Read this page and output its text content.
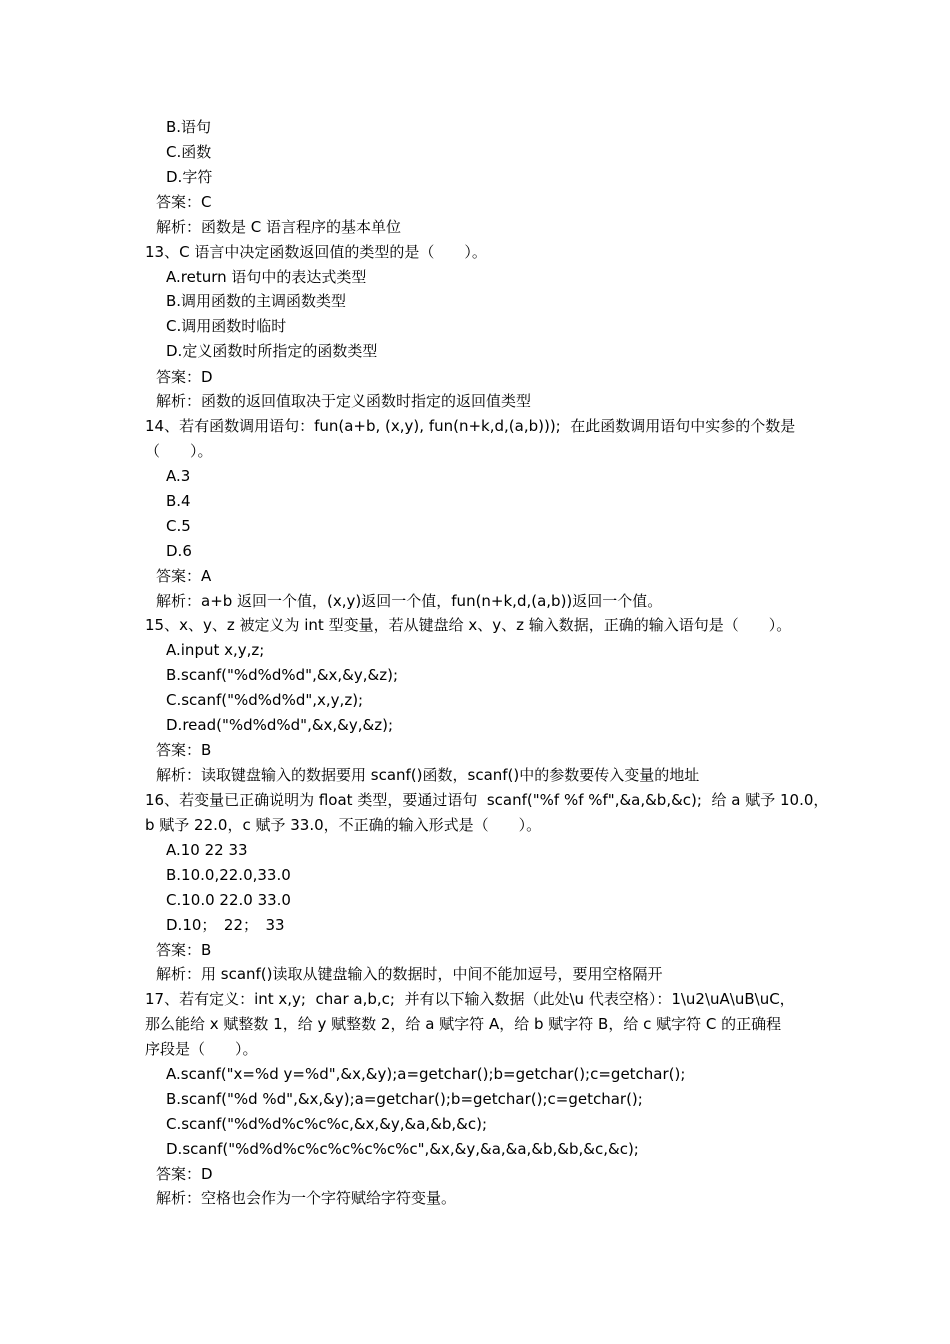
B.语句
C.函数
D.字符
答案：C
解析：函数是 C 语言程序的基本单位
13、C 语言中决定函数返回值的类型的是（　　）。
A.return 语句中的表达式类型
B.调用函数的主调函数类型
C.调用函数时临时
D.定义函数时所指定的函数类型
答案：D
解析：函数的返回值取决于定义函数时指定的返回值类型
14、若有函数调用语句：fun(a+b, (x,y), fun(n+k,d,(a,b)));  在此函数调用语句中实参的个数是
（　　）。
A.3
B.4
C.5
D.6
答案：A
解析：a+b 返回一个值，(x,y)返回一个值，fun(n+k,d,(a,b))返回一个值。
15、x、y、z 被定义为 int 型变量，若从键盘给 x、y、z 输入数据，正确的输入语句是（　　）。
A.input x,y,z;
B.scanf("%d%d%d",&x,&y,&z);
C.scanf("%d%d%d",x,y,z);
D.read("%d%d%d",&x,&y,&z);
答案：B
解析：读取键盘输入的数据要用 scanf()函数，scanf()中的参数要传入变量的地址
16、若变量已正确说明为 float 类型，要通过语句  scanf("%f %f %f",&a,&b,&c);  给 a 赋予 10.0，
b 赋予 22.0，c 赋予 33.0，不正确的输入形式是（　　）。
A.10 22 33
B.10.0,22.0,33.0
C.10.0 22.0 33.0
D.10；　22；　33
答案：B
解析：用 scanf()读取从键盘输入的数据时，中间不能加逗号，要用空格隔开
17、若有定义：int x,y;  char a,b,c;  并有以下输入数据（此处\u 代表空格）：1\u2\uA\uB\uC，
那么能给 x 赋整数 1，给 y 赋整数 2，给 a 赋字符 A，给 b 赋字符 B，给 c 赋字符 C 的正确程
序段是（　　）。
A.scanf("x=%d y=%d",&x,&y);a=getchar();b=getchar();c=getchar();
B.scanf("%d %d",&x,&y);a=getchar();b=getchar();c=getchar();
C.scanf("%d%d%c%c%c,&x,&y,&a,&b,&c);
D.scanf("%d%d%c%c%c%c%c%c",&x,&y,&a,&a,&b,&b,&c,&c);
答案：D
解析：空格也会作为一个字符赋给字符变量。
